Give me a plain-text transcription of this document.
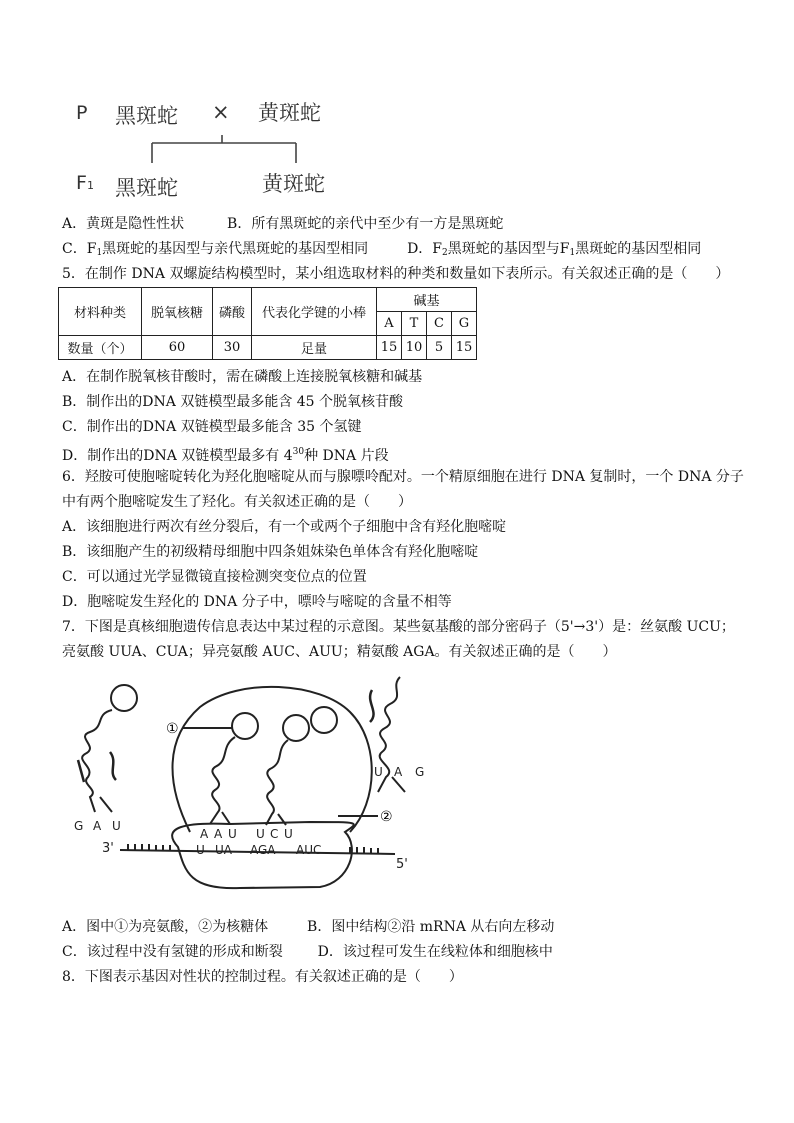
P 黑斑蛇 × 黄斑蛇
F1 黑斑蛇	黄斑蛇
A．黄斑是隐性性状	B．所有黑斑蛇的亲代中至少有一方是黑斑蛇
C．$F_1$黑斑蛇的基因型与亲代黑斑蛇的基因型相同	D．$F_2$黑斑蛇的基因型与$F_1$黑斑蛇的基因型相同
5．在制作 DNA 双螺旋结构模型时，某小组选取材料的种类和数量如下表所示。有关叙述正确的是（　　）
材料种类	脱氧核糖	磷酸	代表化学键的小棒	碱基			
				A	T	C	G
数量（个）	60	30	足量	15	10	5	15
A．在制作脱氧核苷酸时，需在磷酸上连接脱氧核糖和碱基
B．制作出的DNA 双链模型最多能含 45 个脱氧核苷酸
C．制作出的DNA 双链模型最多能含 35 个氢键
D．制作出的DNA 双链模型最多有 $4^{30}$种 DNA 片段
6．羟胺可使胞嘧啶转化为羟化胞嘧啶从而与腺嘌呤配对。一个精原细胞在进行 DNA 复制时，一个 DNA 分子
中有两个胞嘧啶发生了羟化。有关叙述正确的是（　　）
A．该细胞进行两次有丝分裂后，有一个或两个子细胞中含有羟化胞嘧啶
B．该细胞产生的初级精母细胞中四条姐妹染色单体含有羟化胞嘧啶
C．可以通过光学显微镜直接检测突变位点的位置
D．胞嘧啶发生羟化的 DNA 分子中，嘌呤与嘧啶的含量不相等
7．下图是真核细胞遗传信息表达中某过程的示意图。某些氨基酸的部分密码子（5'→3'）是：丝氨酸 UCU；
亮氨酸 UUA、CUA；异亮氨酸 AUC、AUU；精氨酸 AGA。有关叙述正确的是（　　）
①
②
G A U
U A G
A A U U C U
U UA AGA AUC
3'
5'
A．图中①为亮氨酸，②为核糖体	B．图中结构②沿 mRNA 从右向左移动
C．该过程中没有氢键的形成和断裂 D．该过程可发生在线粒体和细胞核中
8．下图表示基因对性状的控制过程。有关叙述正确的是（　　）
